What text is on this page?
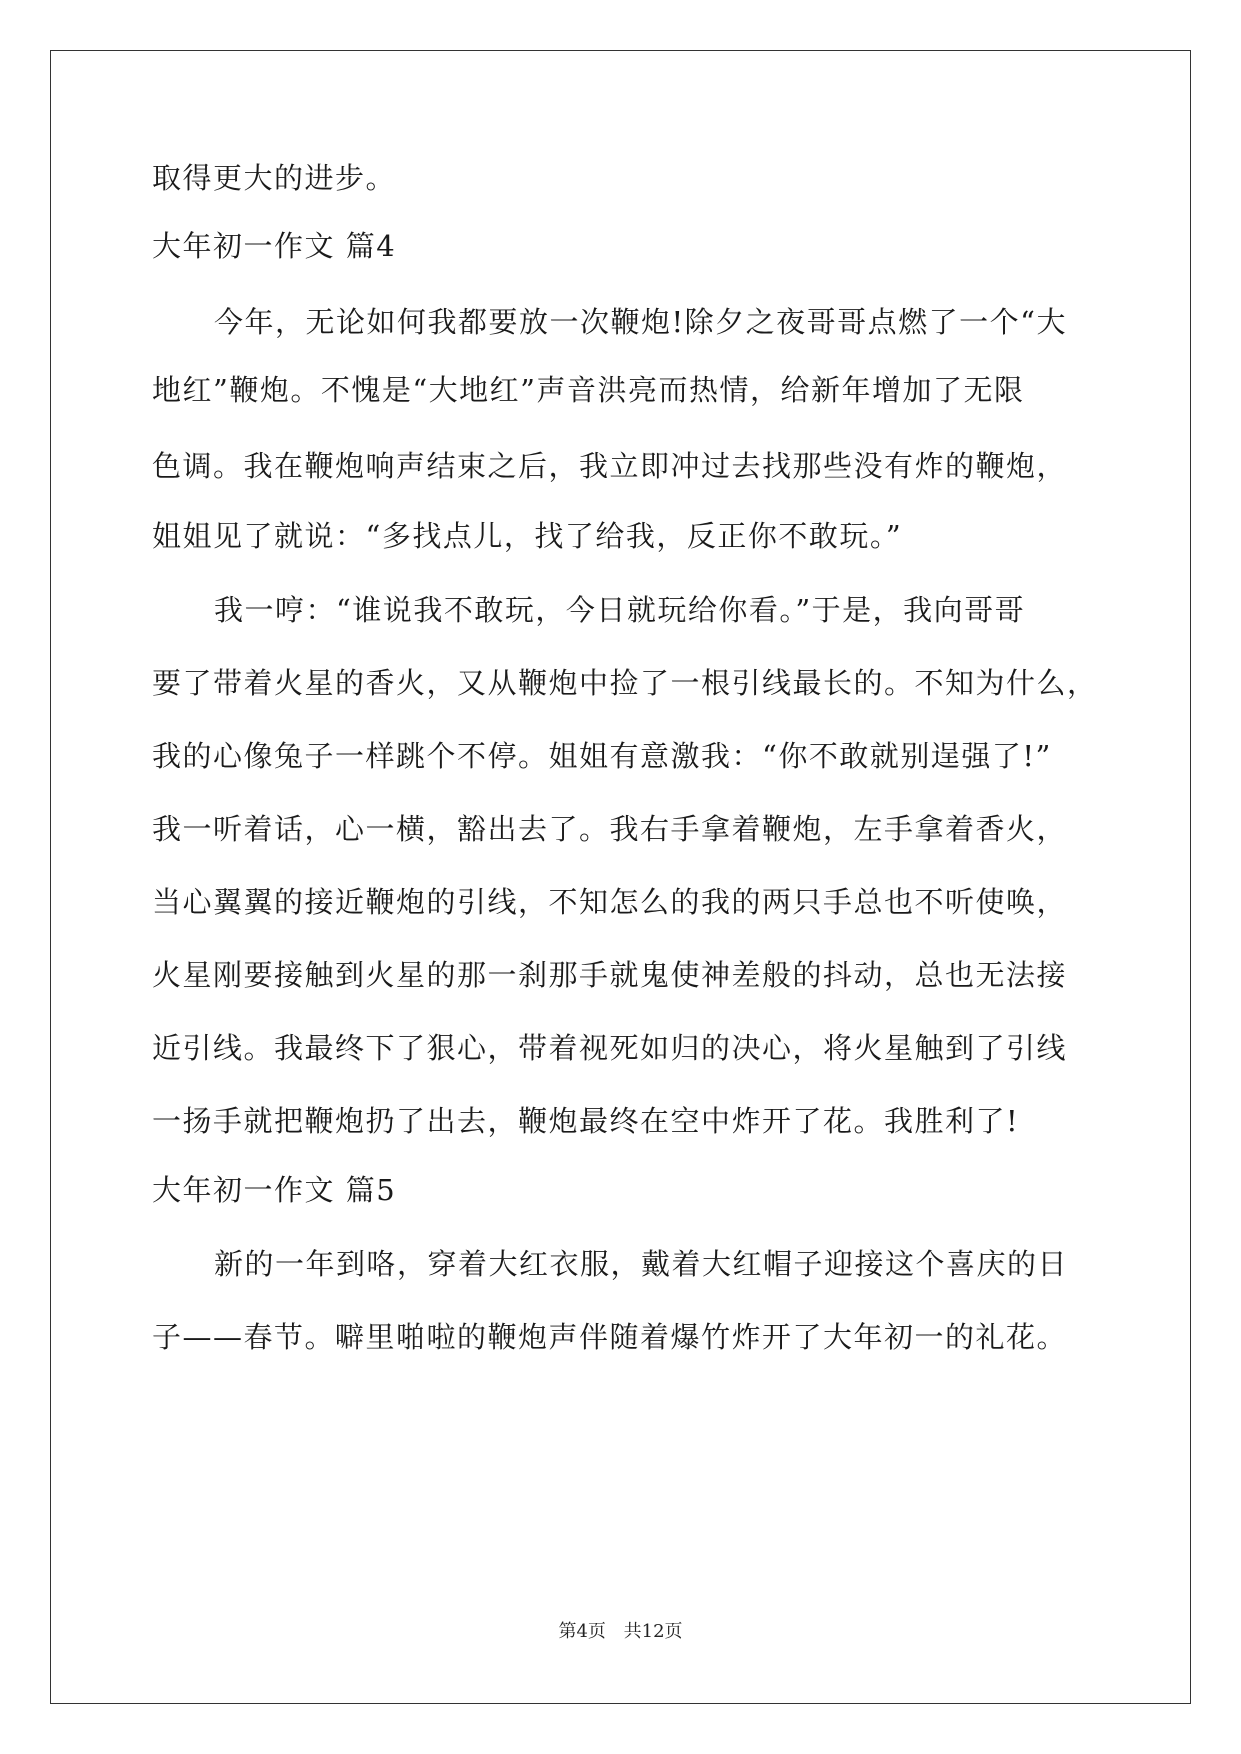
取得更大的进步。
大年初一作文 篇4
今年，无论如何我都要放一次鞭炮!除夕之夜哥哥点燃了一个“大
地红”鞭炮。不愧是“大地红”声音洪亮而热情，给新年增加了无限
色调。我在鞭炮响声结束之后，我立即冲过去找那些没有炸的鞭炮，
姐姐见了就说：“多找点儿，找了给我，反正你不敢玩。”
我一哼：“谁说我不敢玩，今日就玩给你看。”于是，我向哥哥
要了带着火星的香火，又从鞭炮中捡了一根引线最长的。不知为什么，
我的心像兔子一样跳个不停。姐姐有意激我：“你不敢就别逞强了!”
我一听着话，心一横，豁出去了。我右手拿着鞭炮，左手拿着香火，
当心翼翼的接近鞭炮的引线，不知怎么的我的两只手总也不听使唤，
火星刚要接触到火星的那一刹那手就鬼使神差般的抖动，总也无法接
近引线。我最终下了狠心，带着视死如归的决心，将火星触到了引线
一扬手就把鞭炮扔了出去，鞭炮最终在空中炸开了花。我胜利了!
大年初一作文 篇5
新的一年到咯，穿着大红衣服，戴着大红帽子迎接这个喜庆的日
子——春节。噼里啪啦的鞭炮声伴随着爆竹炸开了大年初一的礼花。
第4页 共12页
